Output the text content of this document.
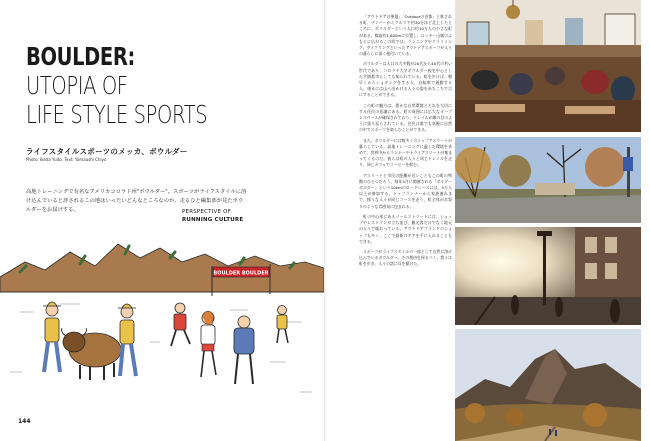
BOULDER:
UTOPIA OF
LIFE STYLE SPORTS
ライフスタイルスポーツのメッカ、ボウルダー
Photo: Ikeda Yuito, Text: Yamaashi Chiyo
高地トレーニングで有名なアメリカコロラド州"ボウルダー"。スポーツがライフスタイルに溶け込んでいると評されるこの地はいったいどんなところなのか。走るひと編集部が見たボウルダーをお届けする。	PERSPECTIVE OF
RUNNING CULTURE
BOULDER BOULDER
144

「アウトドアの聖地」「Outdoorの首都」と称される町、デンバーからクルマで約30分ほど北上したところに、ボウルダーという人口約10万人の小さな町がある。標高約1,600mに位置し、ロッキー山脈のふもとに広がるこの町では、ランニングやクライミング、サイクリングといったアウトドアスポーツが人々の暮らしに深く根付いている。

ボウルダーは人口の大多数が20代から40代の若い世代であり、コロラド大学ボウルダー校を中心とした学園都市としても知られている。町を歩けば、朝早くからジョギングをする人、自転車で通勤する人、週末には山へ出かける人々の姿をあちこちで目にすることができる。

この町の魅力は、豊かな自然環境とそれを大切にする住民の意識にある。町の周囲には広大なオープンスペースが確保されており、トレイルが網の目のように張り巡らされている。住民は誰でも気軽に自然の中でスポーツを楽しむことができる。

また、ボウルダーには数多くのトップアスリートが暮らしている。高地トレーニングに適した環境を求めて、世界中からランナーやトライアスリートが集まってくるのだ。彼らは町の人々と同じトレイルを走り、同じカフェでコーヒーを飲む。

アスリートと市民の距離が近いこともこの町の特徴のひとつだろう。毎年5月に開催される「ボルダーボルダー」という10kmのロードレースには、5万人以上が参加する。トップランナーから家族連れまで、様々な人々が同じコースを走り、町全体がお祭りのような雰囲気に包まれる。

町の中心部にあるパールストリートには、ショップやレストランが立ち並び、観光客だけでなく地元の人々で賑わっている。アウトドアブランドのショップも多く、ここで最新のギアを手に入れることもできる。

スポーツがライフスタイルの一部として自然に溶け込んでいるボウルダー。その理由を探るべく、我々は町を歩き、人々の話に耳を傾けた。
